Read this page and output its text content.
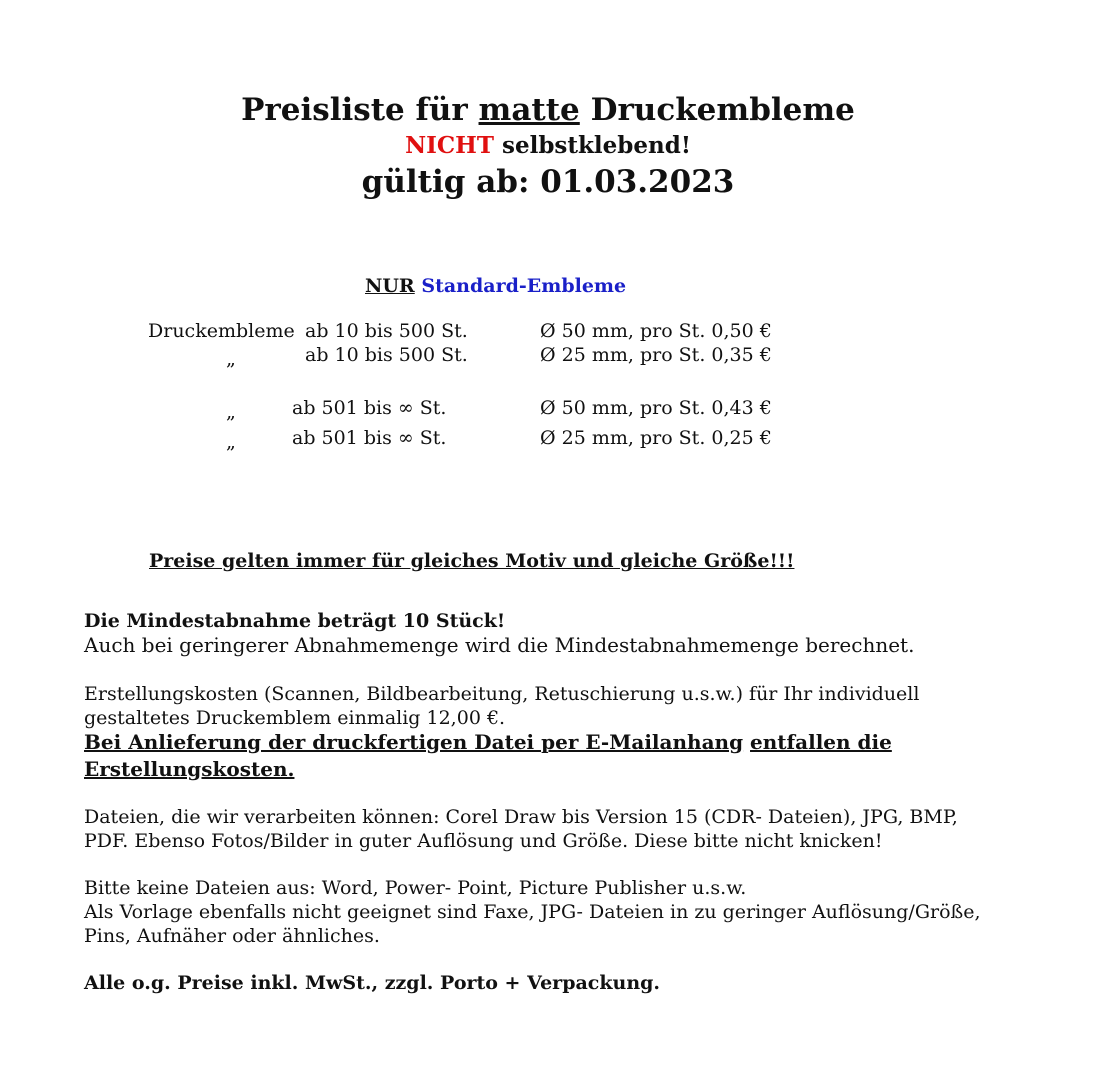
Preisliste für matte Druckembleme
NICHT selbstklebend!
gültig ab: 01.03.2023
NUR Standard-Embleme
Druckembleme ab 10 bis 500 St.	Ø 50 mm, pro St. 0,50 €
„	ab 10 bis 500 St.	Ø 25 mm, pro St. 0,35 €
„	ab 501 bis ∞ St.	Ø 50 mm, pro St. 0,43 €
„	ab 501 bis ∞ St.	Ø 25 mm, pro St. 0,25 €
Preise gelten immer für gleiches Motiv und gleiche Größe!!!
Die Mindestabnahme beträgt 10 Stück!
Auch bei geringerer Abnahmemenge wird die Mindestabnahmemenge berechnet.
Erstellungskosten (Scannen, Bildbearbeitung, Retuschierung u.s.w.) für Ihr individuell
gestaltetes Druckemblem einmalig 12,00 €.
Bei Anlieferung der druckfertigen Datei per E-Mailanhang entfallen die
Erstellungskosten.
Dateien, die wir verarbeiten können: Corel Draw bis Version 15 (CDR- Dateien), JPG, BMP,
PDF. Ebenso Fotos/Bilder in guter Auflösung und Größe. Diese bitte nicht knicken!
Bitte keine Dateien aus: Word, Power- Point, Picture Publisher u.s.w.
Als Vorlage ebenfalls nicht geeignet sind Faxe, JPG- Dateien in zu geringer Auflösung/Größe,
Pins, Aufnäher oder ähnliches.
Alle o.g. Preise inkl. MwSt., zzgl. Porto + Verpackung.
